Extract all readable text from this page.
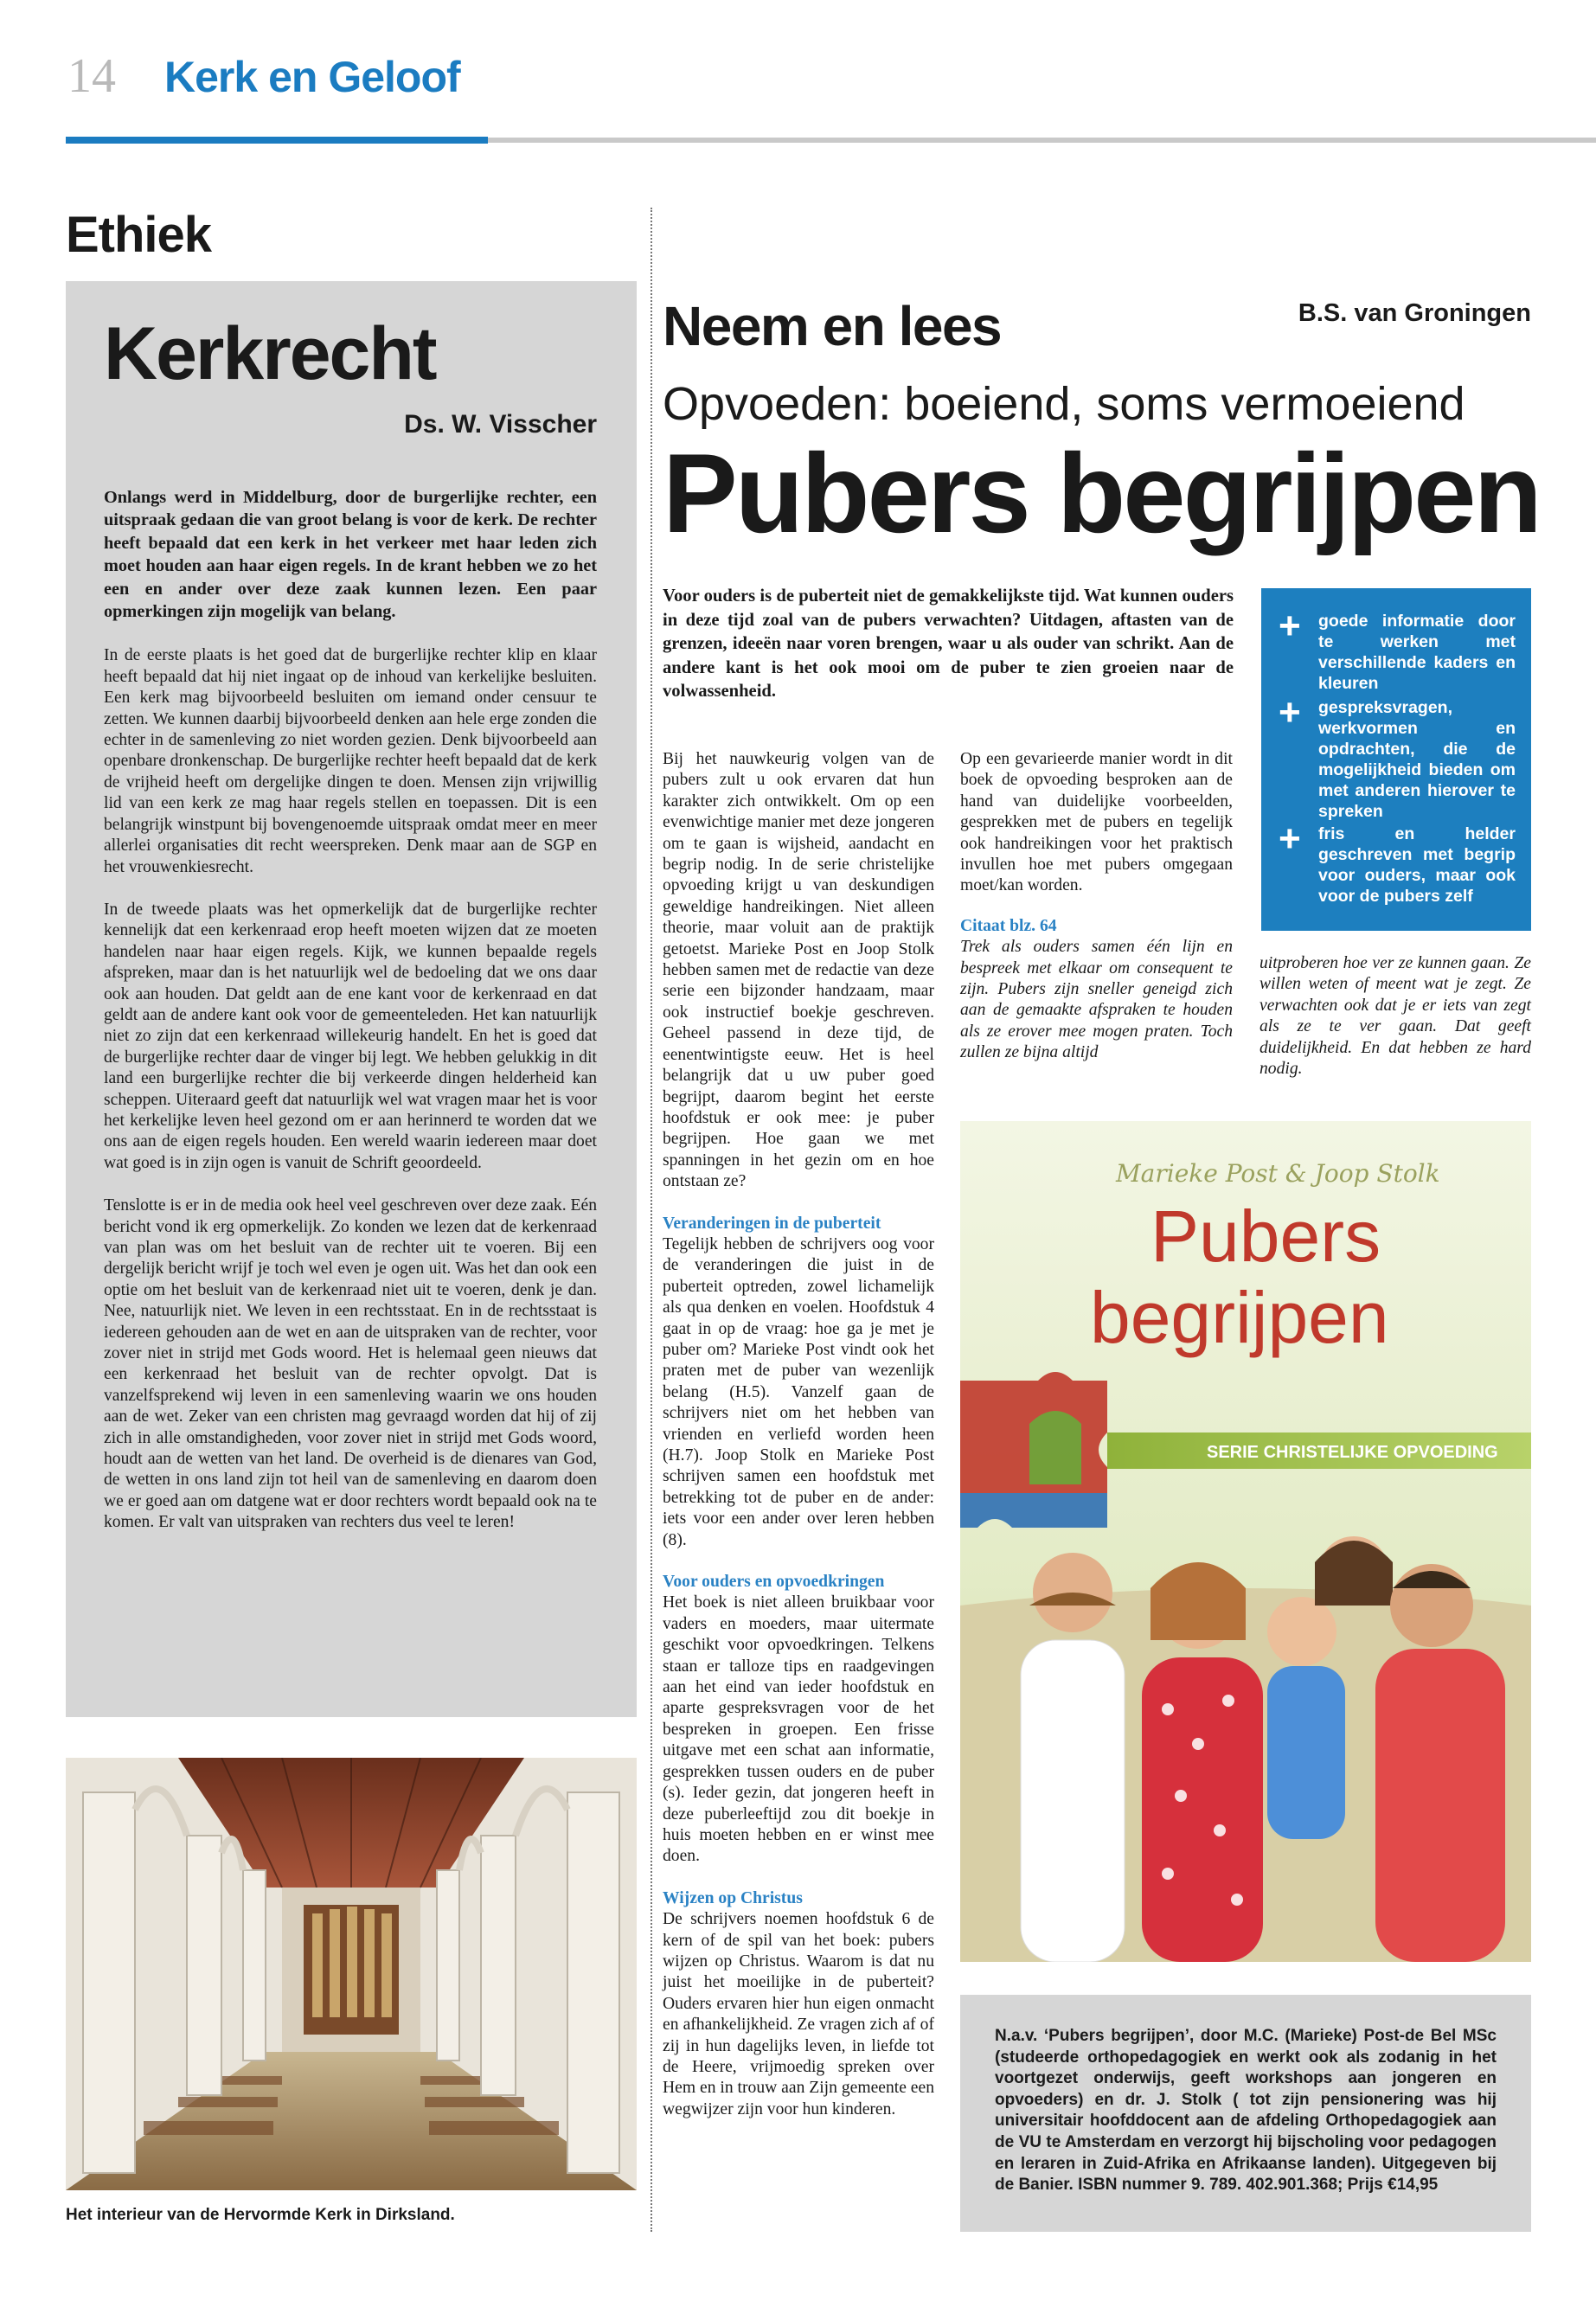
14 Kerk en Geloof
Ethiek
Kerkrecht
Ds. W. Visscher

Onlangs werd in Middelburg, door de burgerlijke rechter, een uitspraak gedaan die van groot belang is voor de kerk. De rechter heeft bepaald dat een kerk in het verkeer met haar leden zich moet houden aan haar eigen regels. In de krant hebben we zo het een en ander over deze zaak kunnen lezen. Een paar opmerkingen zijn mogelijk van belang.

In de eerste plaats is het goed dat de burgerlijke rechter klip en klaar heeft bepaald dat hij niet ingaat op de inhoud van kerkelijke besluiten. Een kerk mag bijvoorbeeld besluiten om iemand onder censuur te zetten. We kunnen daarbij bijvoorbeeld denken aan hele erge zonden die echter in de samenleving zo niet worden gezien. Denk bijvoorbeeld aan openbare dronkenschap. De burgerlijke rechter heeft bepaald dat de kerk de vrijheid heeft om dergelijke dingen te doen. Mensen zijn vrijwillig lid van een kerk ze mag haar regels stellen en toepassen. Dit is een belangrijk winstpunt bij bovengenoemde uitspraak omdat meer en meer allerlei organisaties dit recht weerspreken. Denk maar aan de SGP en het vrouwenkiesrecht.

In de tweede plaats was het opmerkelijk dat de burgerlijke rechter kennelijk dat een kerkenraad erop heeft moeten wijzen dat ze moeten handelen naar haar eigen regels. Kijk, we kunnen bepaalde regels afspreken, maar dan is het natuurlijk wel de bedoeling dat we ons daar ook aan houden. Dat geldt aan de ene kant voor de kerkenraad en dat geldt aan de andere kant ook voor de gemeenteleden. Het kan natuurlijk niet zo zijn dat een kerkenraad willekeurig handelt. En het is goed dat de burgerlijke rechter daar de vinger bij legt. We hebben gelukkig in dit land een burgerlijke rechter die bij verkeerde dingen helderheid kan scheppen. Uiteraard geeft dat natuurlijk wel wat vragen maar het is voor het kerkelijke leven heel gezond om er aan herinnerd te worden dat we ons aan de eigen regels houden. Een wereld waarin iedereen maar doet wat goed is in zijn ogen is vanuit de Schrift geoordeeld.

Tenslotte is er in de media ook heel veel geschreven over deze zaak. Eén bericht vond ik erg opmerkelijk. Zo konden we lezen dat de kerkenraad van plan was om het besluit van de rechter uit te voeren. Bij een dergelijk bericht wrijf je toch wel even je ogen uit. Was het dan ook een optie om het besluit van de kerkenraad niet uit te voeren, denk je dan. Nee, natuurlijk niet. We leven in een rechtsstaat. En in de rechtsstaat is iedereen gehouden aan de wet en aan de uitspraken van de rechter, voor zover niet in strijd met Gods woord. Het is helemaal geen nieuws dat een kerkenraad het besluit van de rechter opvolgt. Dat is vanzelfsprekend wij leven in een samenleving waarin we ons houden aan de wet. Zeker van een christen mag gevraagd worden dat hij of zij zich in alle omstandigheden, voor zover niet in strijd met Gods woord, houdt aan de wetten van het land. De overheid is de dienares van God, de wetten in ons land zijn tot heil van de samenleving en daarom doen we er goed aan om datgene wat er door rechters wordt bepaald ook na te komen. Er valt van uitspraken van rechters dus veel te leren!

Het interieur van de Hervormde Kerk in Dirksland.
Neem en lees	B.S. van Groningen
Opvoeden: boeiend, soms vermoeiend
Pubers begrijpen
Voor ouders is de puberteit niet de gemakkelijkste tijd. Wat kunnen ouders in deze tijd zoal van de pubers verwachten? Uitdagen, aftasten van de grenzen, ideeën naar voren brengen, waar u als ouder van schrikt. Aan de andere kant is het ook mooi om de puber te zien groeien naar de volwassenheid.
+ goede informatie door te werken met verschillende kaders en kleuren
+ gespreksvragen, werkvormen en opdrachten, die de mogelijkheid bieden om met anderen hierover te spreken
+ fris en helder geschreven met begrip voor ouders, maar ook voor de pubers zelf

Bij het nauwkeurig volgen van de pubers zult u ook ervaren dat hun karakter zich ontwikkelt. Om op een evenwichtige manier met deze jongeren om te gaan is wijsheid, aandacht en begrip nodig. In de serie christelijke opvoeding krijgt u van deskundigen geweldige handreikingen. Niet alleen theorie, maar voluit aan de praktijk getoetst. Marieke Post en Joop Stolk hebben samen met de redactie van deze serie een bijzonder handzaam, maar ook instructief boekje geschreven. Geheel passend in deze tijd, de eenentwintigste eeuw. Het is heel belangrijk dat u uw puber goed begrijpt, daarom begint het eerste hoofdstuk er ook mee: je puber begrijpen. Hoe gaan we met spanningen in het gezin om en hoe ontstaan ze?

Veranderingen in de puberteit

Tegelijk hebben de schrijvers oog voor de veranderingen die juist in de puberteit optreden, zowel lichamelijk als qua denken en voelen. Hoofdstuk 4 gaat in op de vraag: hoe ga je met je puber om? Marieke Post vindt ook het praten met de puber van wezenlijk belang (H.5). Vanzelf gaan de schrijvers niet om het hebben van vrienden en verliefd worden heen (H.7). Joop Stolk en Marieke Post schrijven samen een hoofdstuk met betrekking tot de puber en de ander: iets voor een ander over leren hebben (8).

Voor ouders en opvoedkringen

Het boek is niet alleen bruikbaar voor vaders en moeders, maar uitermate geschikt voor opvoedkringen. Telkens staan er talloze tips en raadgevingen aan het eind van ieder hoofdstuk en aparte gespreksvragen voor de het bespreken in groepen. Een frisse uitgave met een schat aan informatie, gesprekken tussen ouders en de puber (s). Ieder gezin, dat jongeren heeft in deze puberleeftijd zou dit boekje in huis moeten hebben en er winst mee doen.

Wijzen op Christus

De schrijvers noemen hoofdstuk 6 de kern of de spil van het boek: pubers wijzen op Christus. Waarom is dat nu juist het moeilijke in de puberteit? Ouders ervaren hier hun eigen onmacht en afhankelijkheid. Ze vragen zich af of zij in hun dagelijks leven, in liefde tot de Heere, vrijmoedig spreken over Hem en in trouw aan Zijn gemeente een wegwijzer zijn voor hun kinderen.

Op een gevarieerde manier wordt in dit boek de opvoeding besproken aan de hand van duidelijke voorbeelden, gesprekken met de pubers en tegelijk ook handreikingen voor het praktisch invullen hoe met pubers omgegaan moet/kan worden.

Citaat blz. 64

Trek als ouders samen één lijn en bespreek met elkaar om consequent te zijn. Pubers zijn sneller geneigd zich aan de gemaakte afspraken te houden als ze erover mee mogen praten. Toch zullen ze bijna altijd

uitproberen hoe ver ze kunnen gaan. Ze willen weten of meent wat je zegt. Ze verwachten ook dat je er iets van zegt als ze te ver gaan. Dat geeft duidelijkheid. En dat hebben ze hard nodig.
Marieke Post & Joop Stolk
Pubers
begrijpen
SERIE CHRISTELIJKE OPVOEDING
N.a.v. ‘Pubers begrijpen’, door M.C. (Marieke) Post-de Bel MSc (studeerde orthopedagogiek en werkt ook als zodanig in het voortgezet onderwijs, geeft workshops aan jongeren en opvoeders) en dr. J. Stolk ( tot zijn pensionering was hij universitair hoofddocent aan de afdeling Orthopedagogiek aan de VU te Amsterdam en verzorgt hij bijscholing voor pedagogen en leraren in Zuid-Afrika en Afrikaanse landen). Uitgegeven bij de Banier. ISBN nummer 9. 789. 402.901.368; Prijs €14,95
